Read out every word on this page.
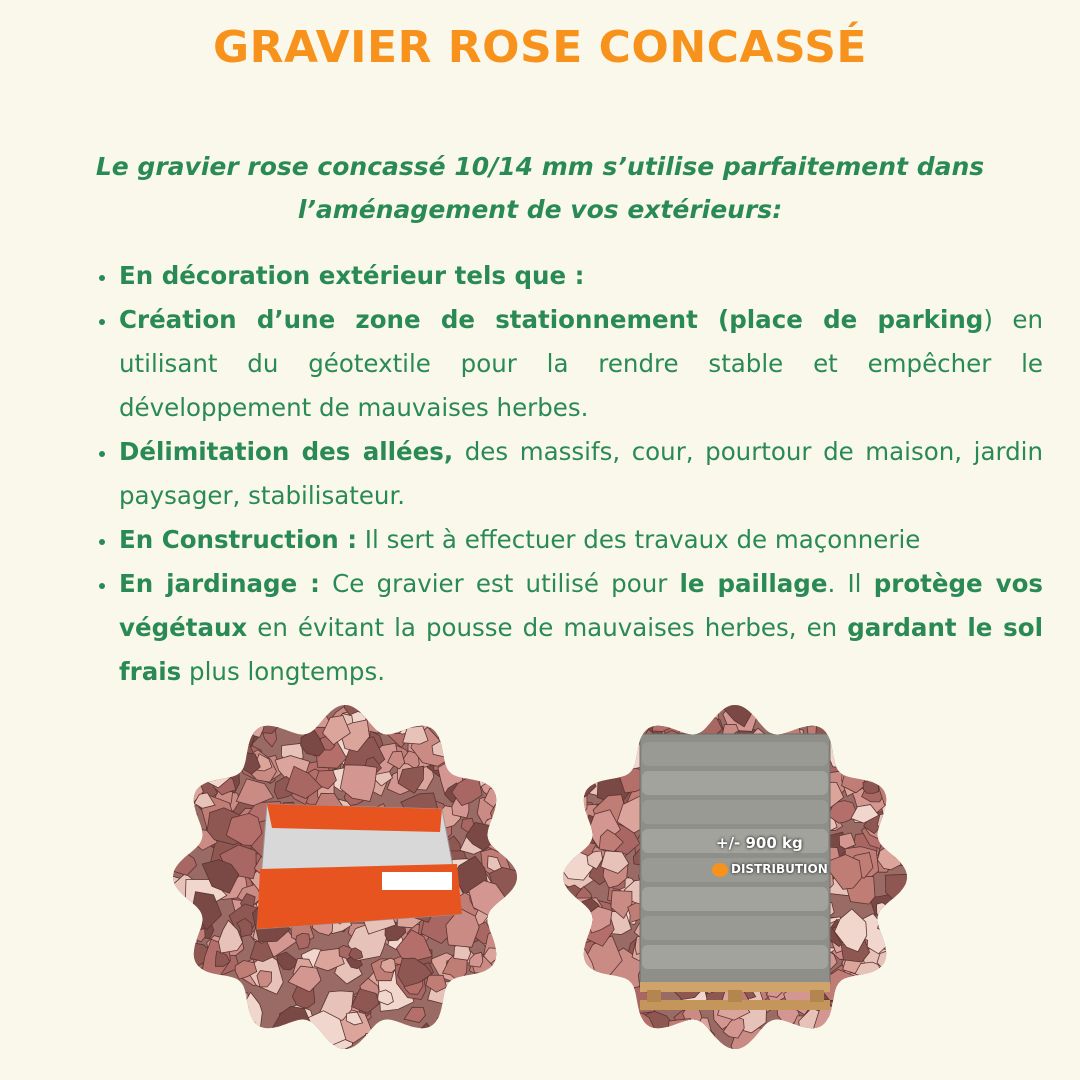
GRAVIER ROSE CONCASSÉ

Le gravier rose concassé 10/14 mm s’utilise parfaitement dans l’aménagement de vos extérieurs:

• En décoration extérieur tels que :
• Création d’une zone de stationnement (place de parking) en utilisant du géotextile pour la rendre stable et empêcher le développement de mauvaises herbes.
• Délimitation des allées, des massifs, cour, pourtour de maison, jardin paysager, stabilisateur.
• En Construction : Il sert à effectuer des travaux de maçonnerie
• En jardinage : Ce gravier est utilisé pour le paillage. Il protège vos végétaux en évitant la pousse de mauvaises herbes, en gardant le sol frais plus longtemps.
+/- 900 kg
DISTRIBUTION
